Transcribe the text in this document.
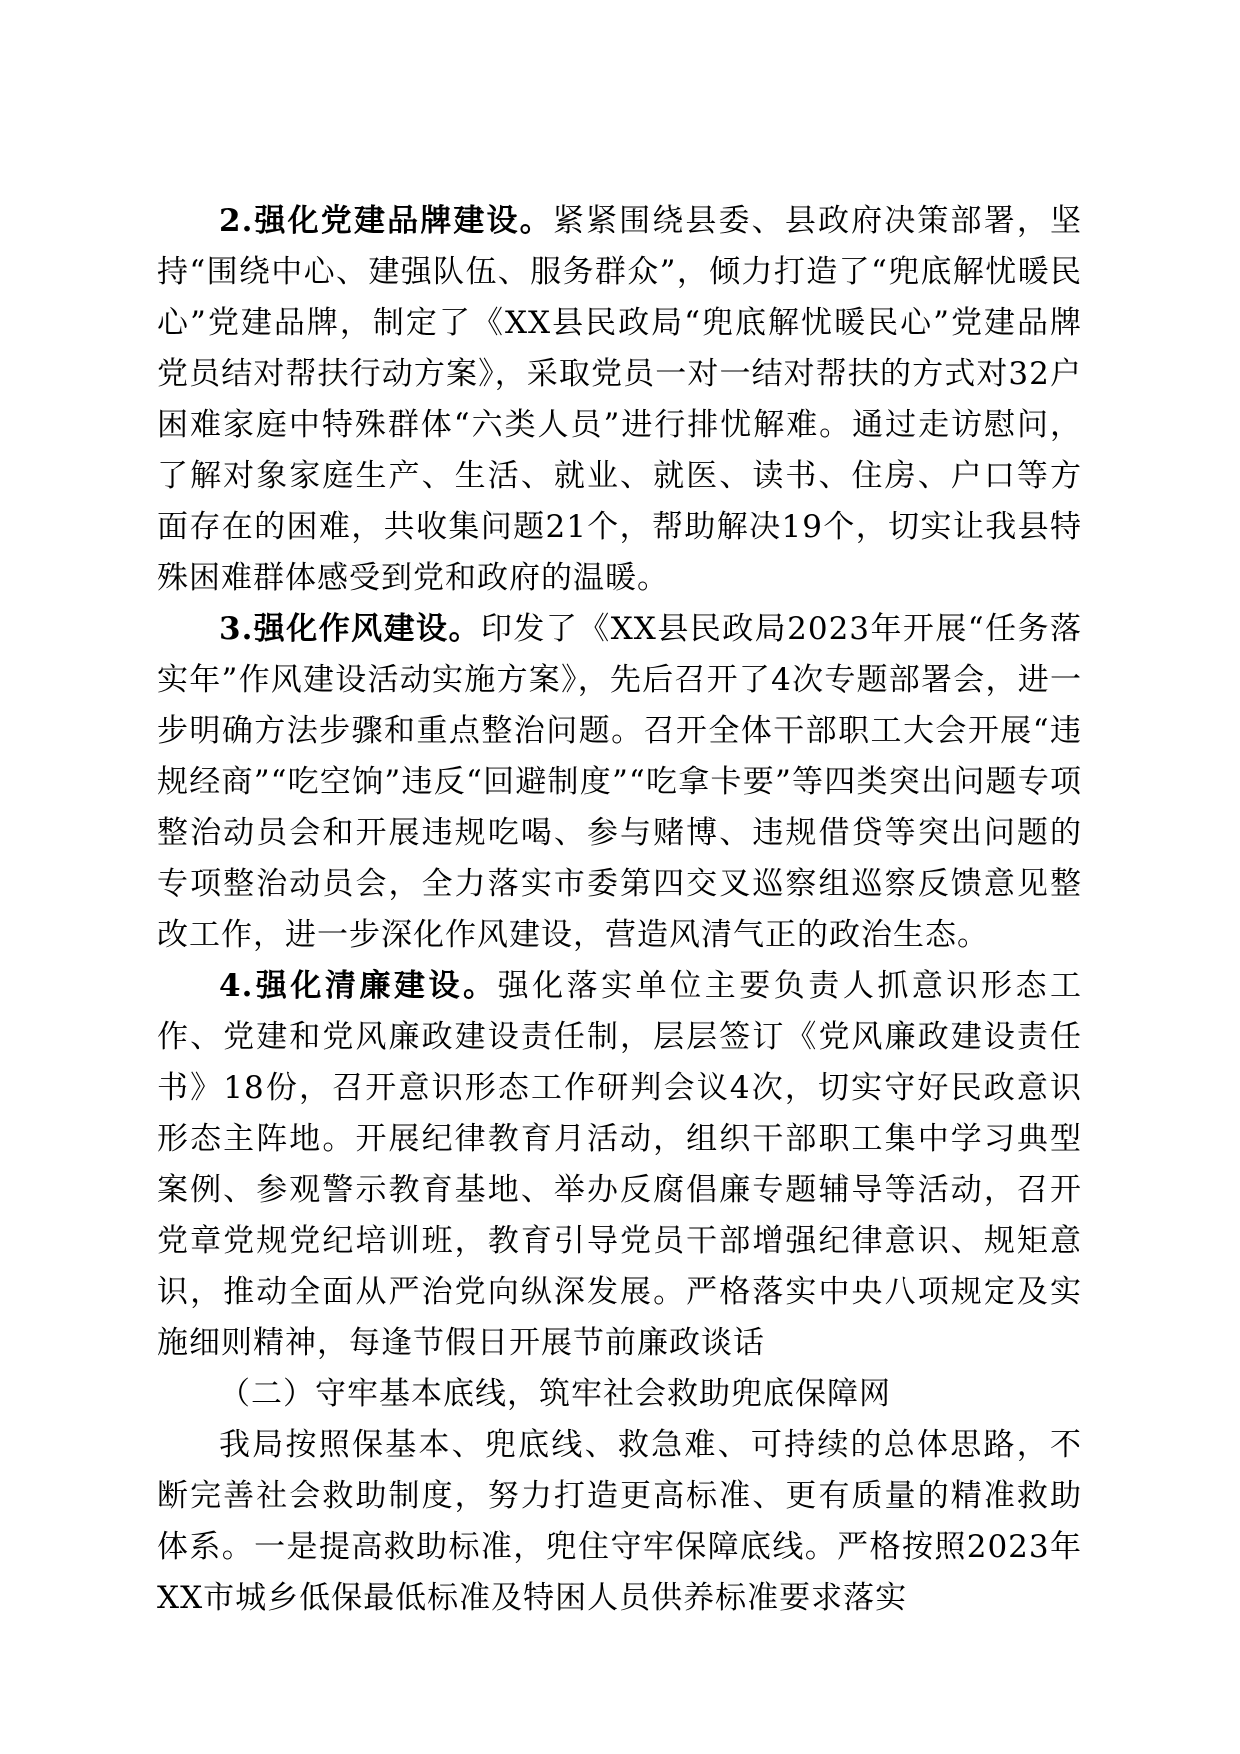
2.强化党建品牌建设。紧紧围绕县委、县政府决策部署，坚持“围绕中心、建强队伍、服务群众”，倾力打造了“兜底解忧暖民心”党建品牌，制定了《XX县民政局“兜底解忧暖民心”党建品牌党员结对帮扶行动方案》，采取党员一对一结对帮扶的方式对32户困难家庭中特殊群体“六类人员”进行排忧解难。通过走访慰问，了解对象家庭生产、生活、就业、就医、读书、住房、户口等方面存在的困难，共收集问题21个，帮助解决19个，切实让我县特殊困难群体感受到党和政府的温暖。

3.强化作风建设。印发了《XX县民政局2023年开展“任务落实年”作风建设活动实施方案》，先后召开了4次专题部署会，进一步明确方法步骤和重点整治问题。召开全体干部职工大会开展“违规经商”“吃空饷”违反“回避制度”“吃拿卡要”等四类突出问题专项整治动员会和开展违规吃喝、参与赌博、违规借贷等突出问题的专项整治动员会，全力落实市委第四交叉巡察组巡察反馈意见整改工作，进一步深化作风建设，营造风清气正的政治生态。

4.强化清廉建设。强化落实单位主要负责人抓意识形态工作、党建和党风廉政建设责任制，层层签订《党风廉政建设责任书》18份，召开意识形态工作研判会议4次，切实守好民政意识形态主阵地。开展纪律教育月活动，组织干部职工集中学习典型案例、参观警示教育基地、举办反腐倡廉专题辅导等活动，召开党章党规党纪培训班，教育引导党员干部增强纪律意识、规矩意识，推动全面从严治党向纵深发展。严格落实中央八项规定及实施细则精神，每逢节假日开展节前廉政谈话

（二）守牢基本底线，筑牢社会救助兜底保障网

我局按照保基本、兜底线、救急难、可持续的总体思路，不断完善社会救助制度，努力打造更高标准、更有质量的精准救助体系。一是提高救助标准，兜住守牢保障底线。严格按照2023年XX市城乡低保最低标准及特困人员供养标准要求落实
